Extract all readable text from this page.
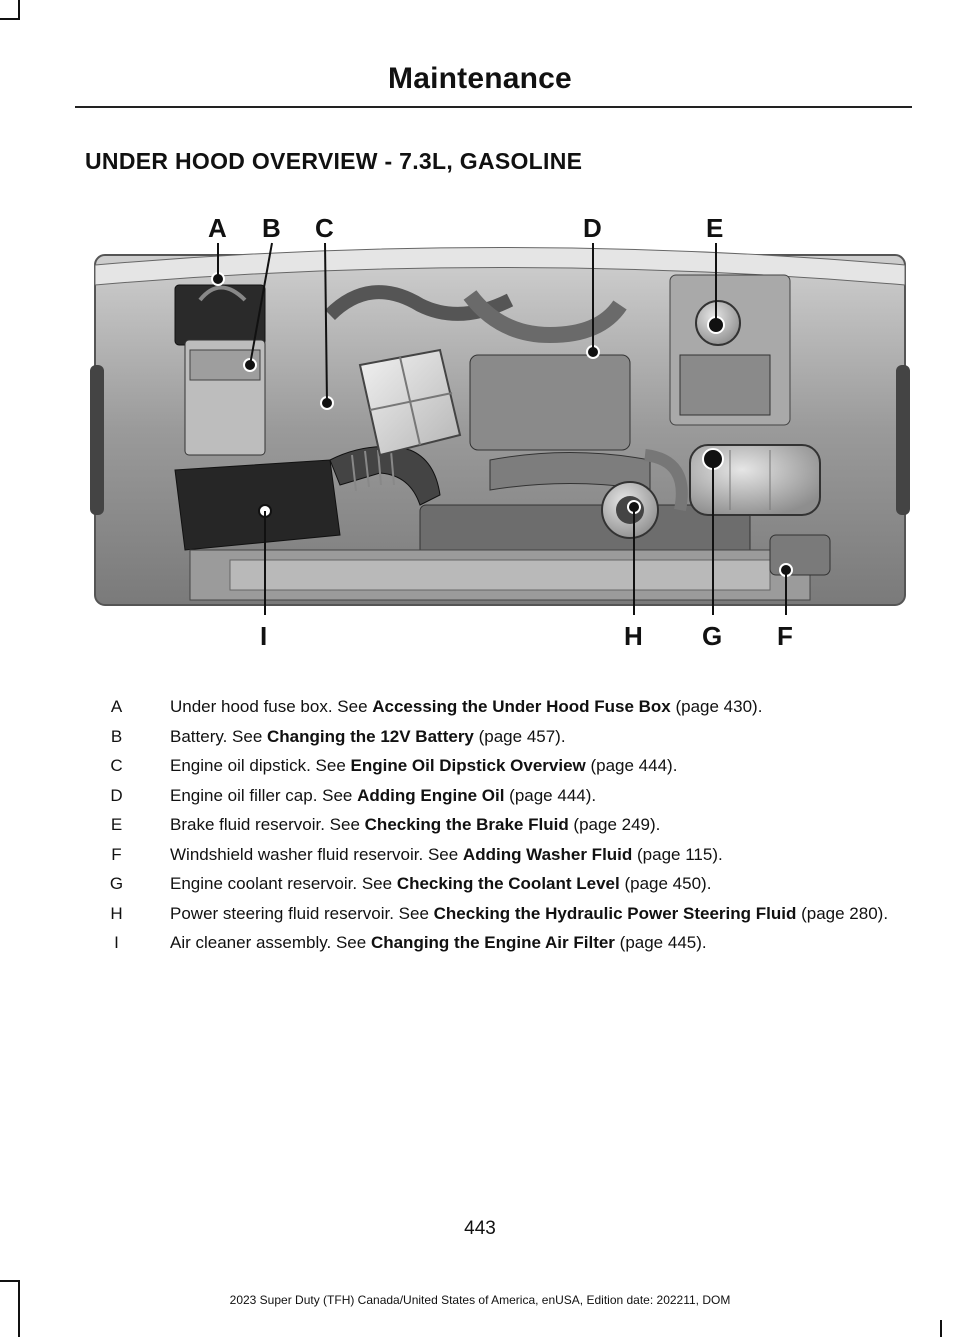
Maintenance
UNDER HOOD OVERVIEW - 7.3L, GASOLINE
A B C	D	E
I	H G F
A	Under hood fuse box. See Accessing the Under Hood Fuse Box (page 430).
B	Battery. See Changing the 12V Battery (page 457).
C	Engine oil dipstick. See Engine Oil Dipstick Overview (page 444).
D	Engine oil filler cap. See Adding Engine Oil (page 444).
E	Brake fluid reservoir. See Checking the Brake Fluid (page 249).
F	Windshield washer fluid reservoir. See Adding Washer Fluid (page 115).
G	Engine coolant reservoir. See Checking the Coolant Level (page 450).
H	Power steering fluid reservoir. See Checking the Hydraulic Power Steering Fluid (page 280).
I	Air cleaner assembly. See Changing the Engine Air Filter (page 445).
443
2023 Super Duty (TFH) Canada/United States of America, enUSA, Edition date: 202211, DOM
